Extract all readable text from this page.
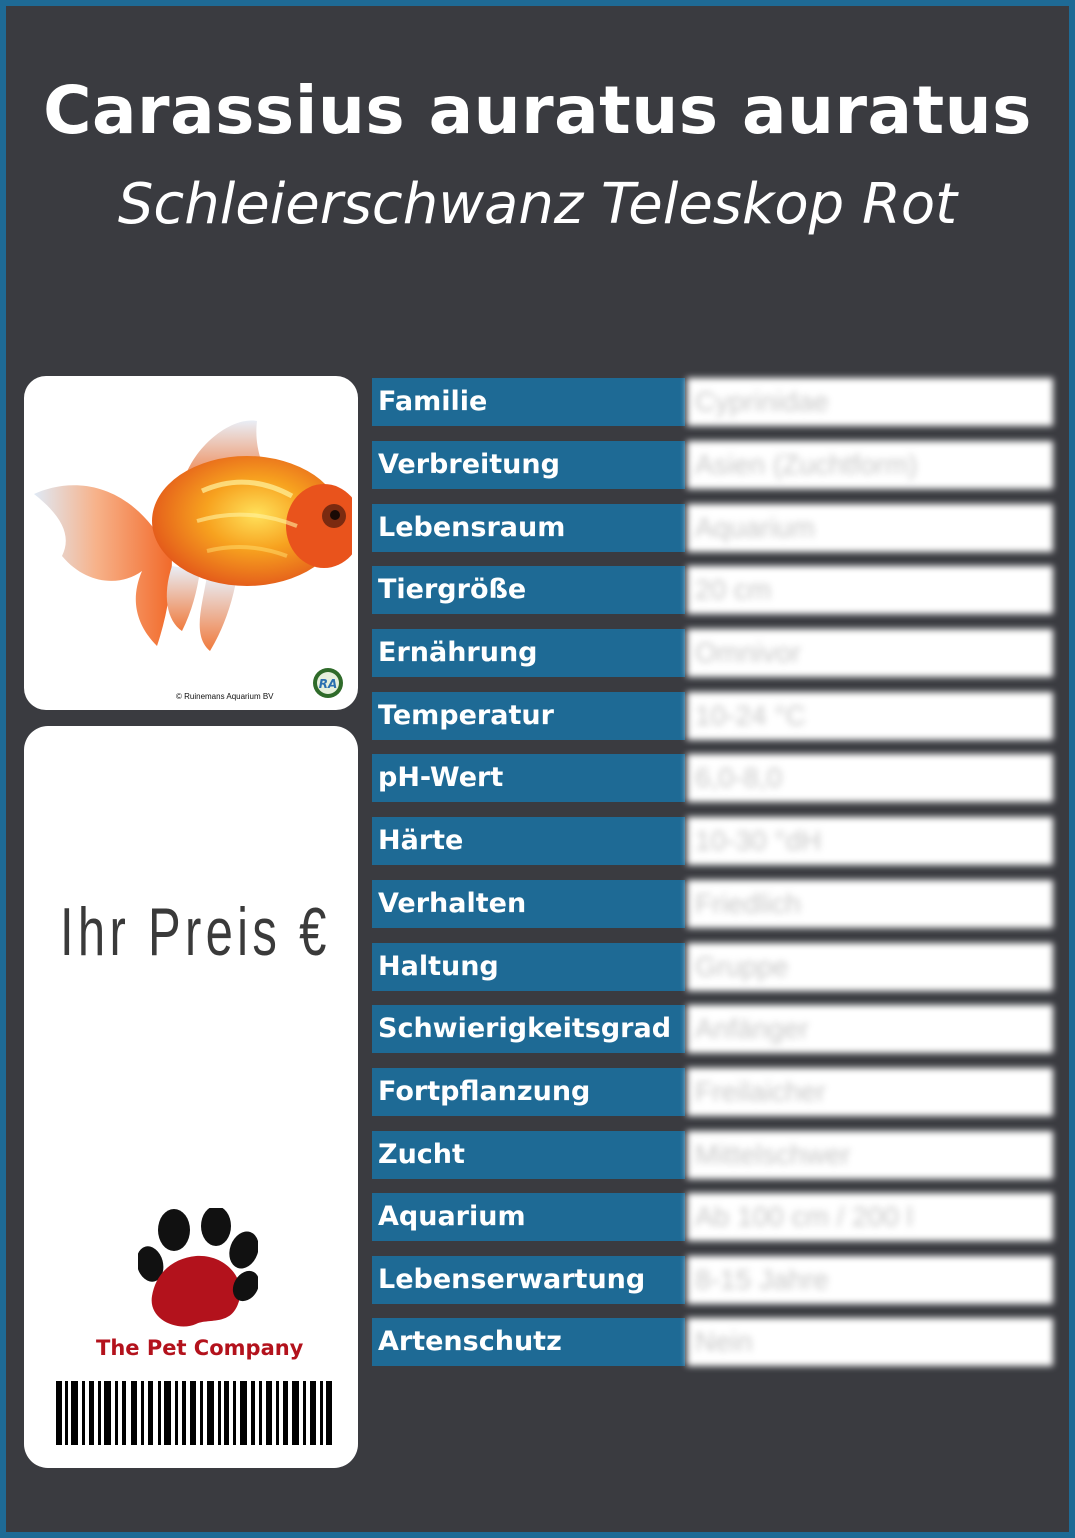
Carassius auratus auratus
Schleierschwanz Teleskop Rot
© Ruinemans Aquarium BV
RA
Ihr Preis €
The Pet Company
Familie	Cyprinidae
Verbreitung	Asien (Zuchtform)
Lebensraum	Aquarium
Tiergröße	20 cm
Ernährung	Omnivor
Temperatur	10-24 °C
pH-Wert	6,0-8,0
Härte	10-30 °dH
Verhalten	Friedlich
Haltung	Gruppe
Schwierigkeitsgrad Anfänger
Fortpflanzung	Freilaicher
Zucht	Mittelschwer
Aquarium	Ab 100 cm / 200 l
Lebenserwartung	8-15 Jahre
Artenschutz	Nein
